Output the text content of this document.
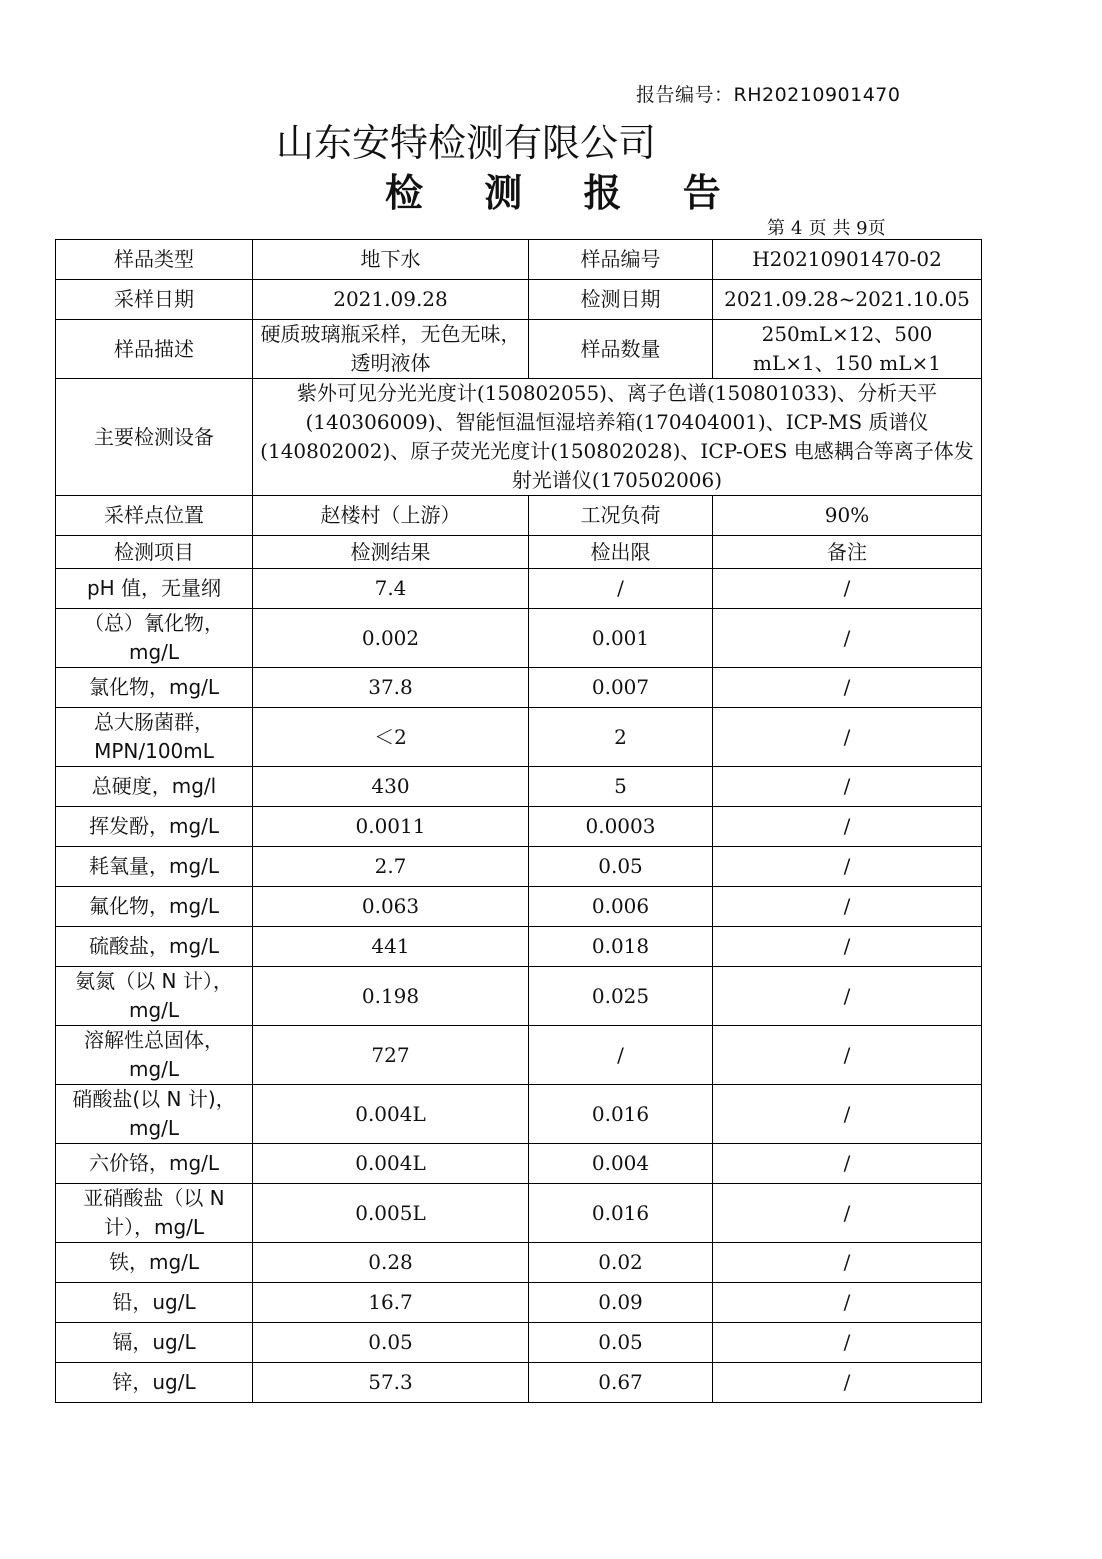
报告编号：RH20210901470
山东安特检测有限公司
检 测 报 告
第 4 页 共 9页
样品类型	地下水	样品编号	H20210901470-02
采样日期	2021.09.28	检测日期	2021.09.28~2021.10.05
样品描述	硬质玻璃瓶采样，无色无味，透明液体	样品数量	250mL×12、500 mL×1、150 mL×1
主要检测设备	紫外可见分光光度计(150802055)、离子色谱(150801033)、分析天平(140306009)、智能恒温恒湿培养箱(170404001)、ICP-MS 质谱仪(140802002)、原子荧光光度计(150802028)、ICP-OES 电感耦合等离子体发射光谱仪(170502006)		
采样点位置	赵楼村（上游）	工况负荷	90%
检测项目	检测结果	检出限	备注
pH 值，无量纲	7.4	/	/
（总）氰化物，mg/L	0.002	0.001	/
氯化物，mg/L	37.8	0.007	/
总大肠菌群，MPN/100mL	＜2	2	/
总硬度，mg/l	430	5	/
挥发酚，mg/L	0.0011	0.0003	/
耗氧量，mg/L	2.7	0.05	/
氟化物，mg/L	0.063	0.006	/
硫酸盐，mg/L	441	0.018	/
氨氮（以 N 计），mg/L	0.198	0.025	/
溶解性总固体，mg/L	727	/	/
硝酸盐(以 N 计)，mg/L	0.004L	0.016	/
六价铬，mg/L	0.004L	0.004	/
亚硝酸盐（以 N 计），mg/L	0.005L	0.016	/
铁，mg/L	0.28	0.02	/
铅，ug/L	16.7	0.09	/
镉，ug/L	0.05	0.05	/
锌，ug/L	57.3	0.67	/
